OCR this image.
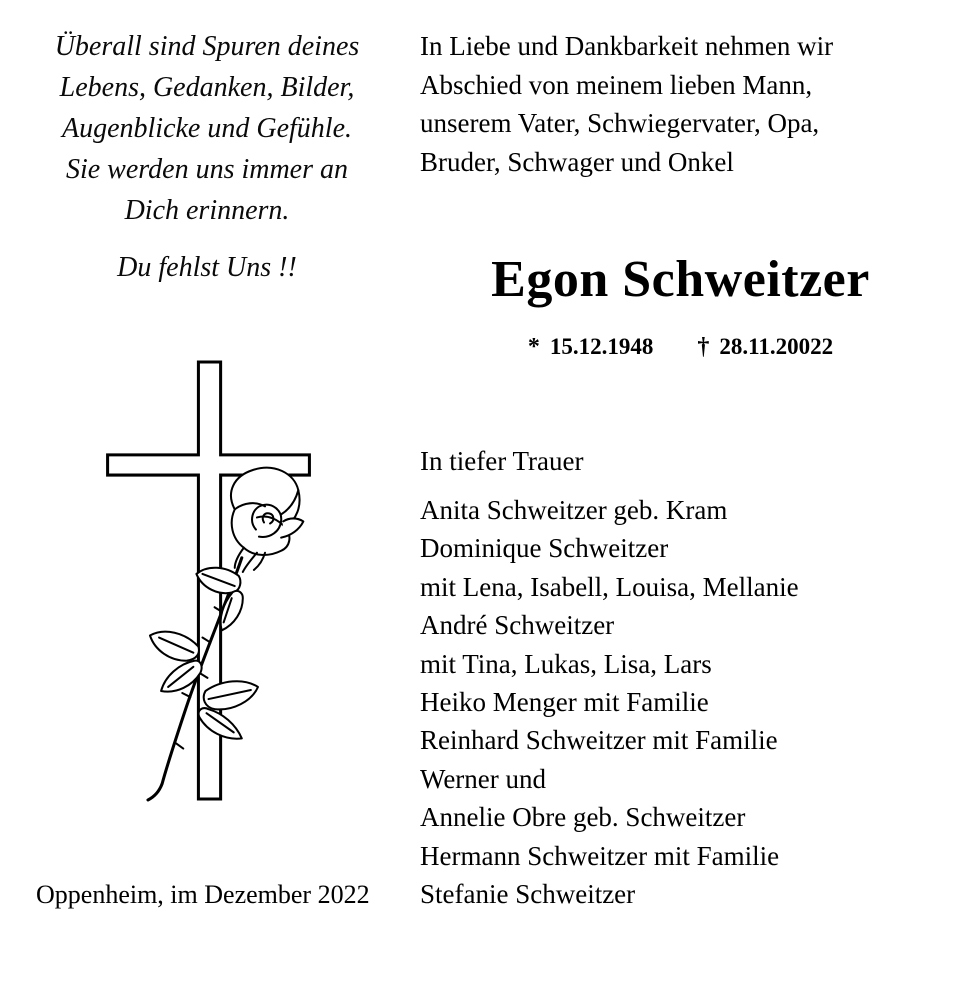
Überall sind Spuren deines
Lebens, Gedanken, Bilder,
Augenblicke und Gefühle.
Sie werden uns immer an
Dich erinnern.
Du fehlst Uns !!
Oppenheim, im Dezember 2022
In Liebe und Dankbarkeit nehmen wir
Abschied von meinem lieben Mann,
unserem Vater, Schwiegervater, Opa,
Bruder, Schwager und Onkel
Egon Schweitzer
* 15.12.1948 † 28.11.20022
In tiefer Trauer
Anita Schweitzer geb. Kram
Dominique Schweitzer
mit Lena, Isabell, Louisa, Mellanie
André Schweitzer
mit Tina, Lukas, Lisa, Lars
Heiko Menger mit Familie
Reinhard Schweitzer mit Familie
Werner und
Annelie Obre geb. Schweitzer
Hermann Schweitzer mit Familie
Stefanie Schweitzer
